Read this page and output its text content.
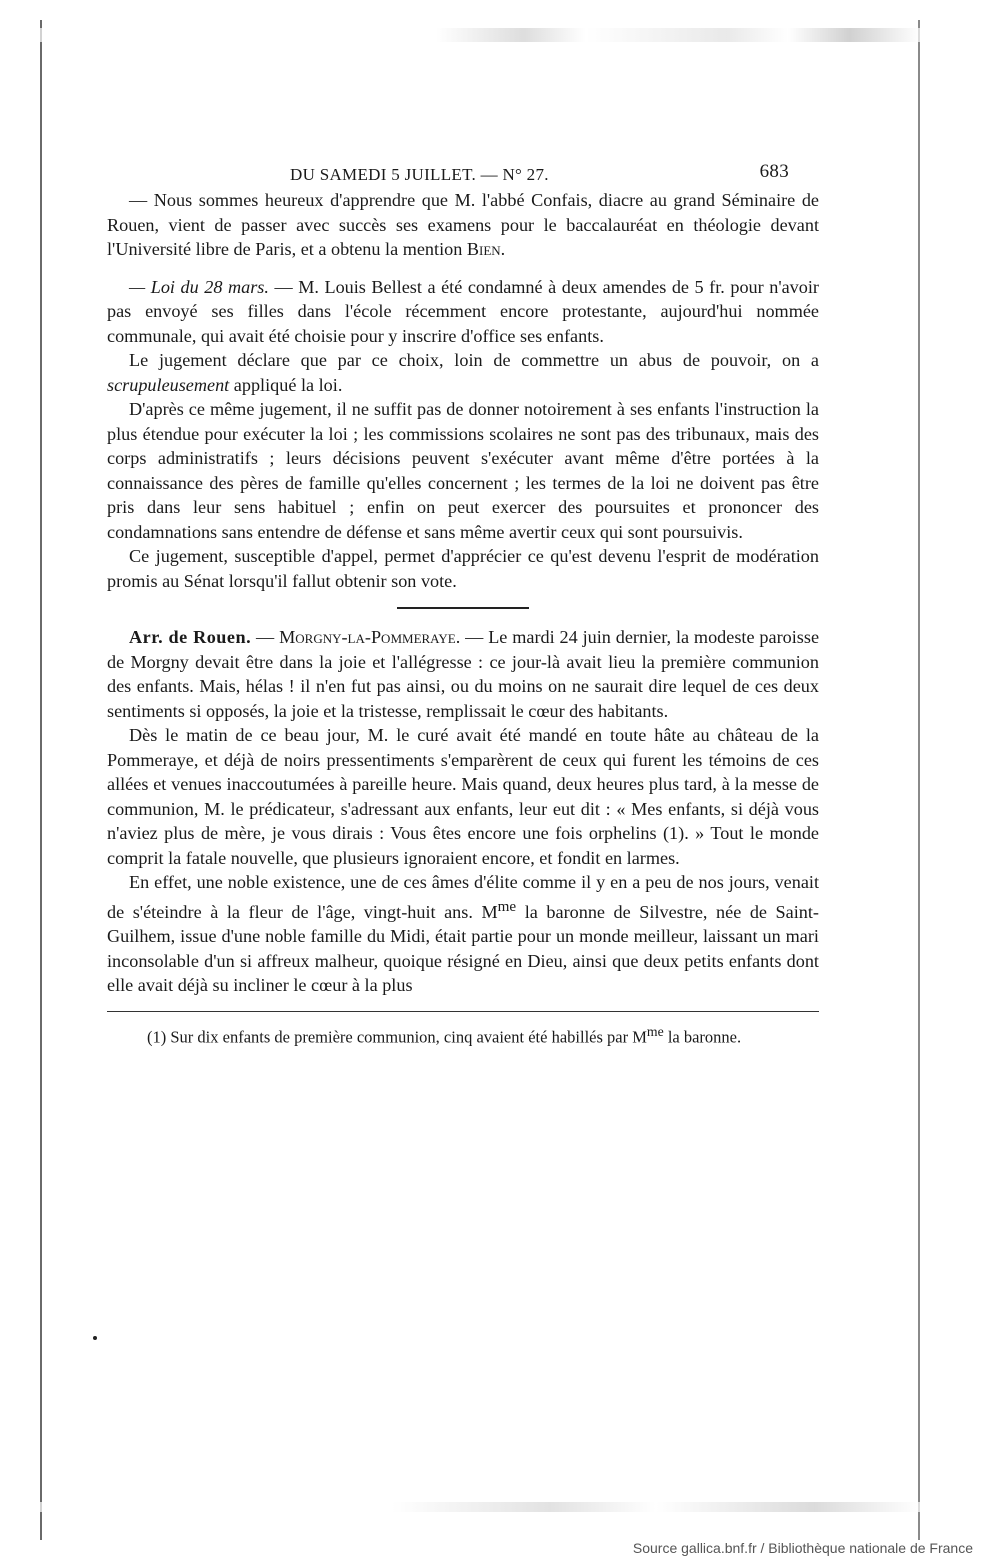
DU SAMEDI 5 JUILLET. — N° 27.	683

— Nous sommes heureux d'apprendre que M. l'abbé Confais, diacre au grand Séminaire de Rouen, vient de passer avec succès ses examens pour le baccalauréat en théologie devant l'Université libre de Paris, et a obtenu la mention Bien.

— Loi du 28 mars. — M. Louis Bellest a été condamné à deux amendes de 5 fr. pour n'avoir pas envoyé ses filles dans l'école récemment encore protestante, aujourd'hui nommée communale, qui avait été choisie pour y inscrire d'office ses enfants.

Le jugement déclare que par ce choix, loin de commettre un abus de pouvoir, on a scrupuleusement appliqué la loi.

D'après ce même jugement, il ne suffit pas de donner notoirement à ses enfants l'instruction la plus étendue pour exécuter la loi ; les commissions scolaires ne sont pas des tribunaux, mais des corps administratifs ; leurs décisions peuvent s'exécuter avant même d'être portées à la connaissance des pères de famille qu'elles concernent ; les termes de la loi ne doivent pas être pris dans leur sens habituel ; enfin on peut exercer des poursuites et prononcer des condamnations sans entendre de défense et sans même avertir ceux qui sont poursuivis.

Ce jugement, susceptible d'appel, permet d'apprécier ce qu'est devenu l'esprit de modération promis au Sénat lorsqu'il fallut obtenir son vote.

Arr. de Rouen. — Morgny-la-Pommeraye. — Le mardi 24 juin dernier, la modeste paroisse de Morgny devait être dans la joie et l'allégresse : ce jour-là avait lieu la première communion des enfants. Mais, hélas ! il n'en fut pas ainsi, ou du moins on ne saurait dire lequel de ces deux sentiments si opposés, la joie et la tristesse, remplissait le cœur des habitants.

Dès le matin de ce beau jour, M. le curé avait été mandé en toute hâte au château de la Pommeraye, et déjà de noirs pressentiments s'emparèrent de ceux qui furent les témoins de ces allées et venues inaccoutumées à pareille heure. Mais quand, deux heures plus tard, à la messe de communion, M. le prédicateur, s'adressant aux enfants, leur eut dit : « Mes enfants, si déjà vous n'aviez plus de mère, je vous dirais : Vous êtes encore une fois orphelins (1). » Tout le monde comprit la fatale nouvelle, que plusieurs ignoraient encore, et fondit en larmes.

En effet, une noble existence, une de ces âmes d'élite comme il y en a peu de nos jours, venait de s'éteindre à la fleur de l'âge, vingt-huit ans. $M^{me}$ la baronne de Silvestre, née de Saint-Guilhem, issue d'une noble famille du Midi, était partie pour un monde meilleur, laissant un mari inconsolable d'un si affreux malheur, quoique résigné en Dieu, ainsi que deux petits enfants dont elle avait déjà su incliner le cœur à la plus

(1) Sur dix enfants de première communion, cinq avaient été habillés par $M^{me}$ la baronne.

Source gallica.bnf.fr / Bibliothèque nationale de France
